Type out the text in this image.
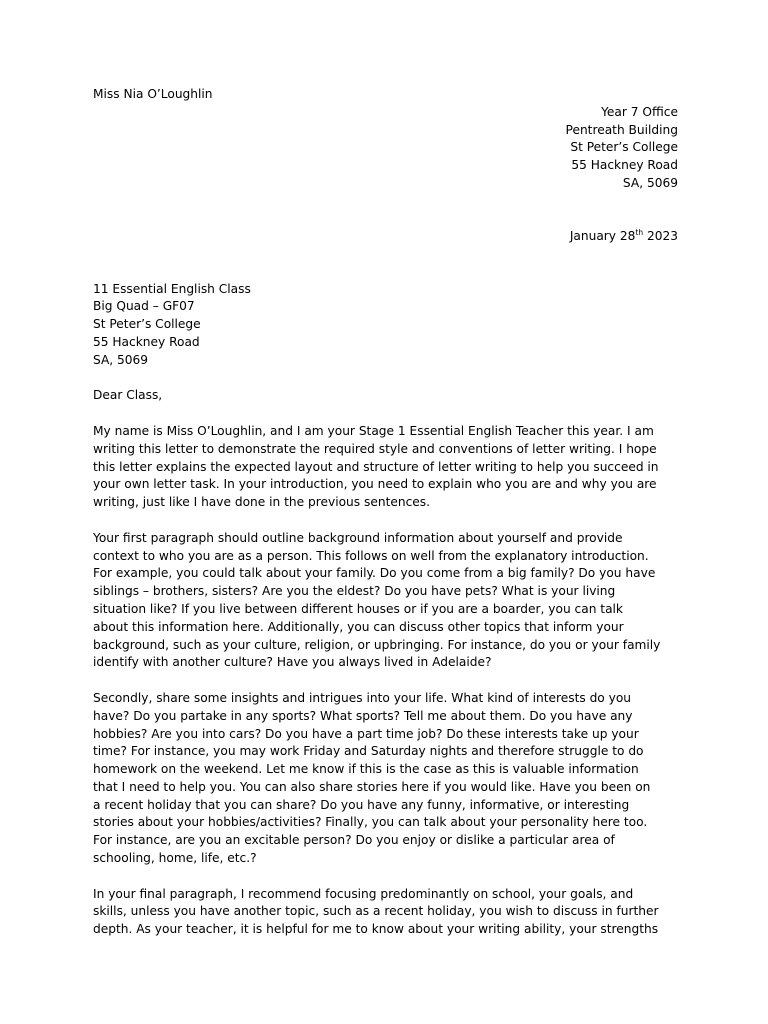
Miss Nia O’Loughlin
Year 7 Office
Pentreath Building
St Peter’s College
55 Hackney Road
SA, 5069
January 28th 2023
11 Essential English Class
Big Quad – GF07
St Peter’s College
55 Hackney Road
SA, 5069
Dear Class,
My name is Miss O’Loughlin, and I am your Stage 1 Essential English Teacher this year. I am
writing this letter to demonstrate the required style and conventions of letter writing. I hope
this letter explains the expected layout and structure of letter writing to help you succeed in
your own letter task. In your introduction, you need to explain who you are and why you are
writing, just like I have done in the previous sentences.
Your first paragraph should outline background information about yourself and provide
context to who you are as a person. This follows on well from the explanatory introduction.
For example, you could talk about your family. Do you come from a big family? Do you have
siblings – brothers, sisters? Are you the eldest? Do you have pets? What is your living
situation like? If you live between different houses or if you are a boarder, you can talk
about this information here. Additionally, you can discuss other topics that inform your
background, such as your culture, religion, or upbringing. For instance, do you or your family
identify with another culture? Have you always lived in Adelaide?
Secondly, share some insights and intrigues into your life. What kind of interests do you
have? Do you partake in any sports? What sports? Tell me about them. Do you have any
hobbies? Are you into cars? Do you have a part time job? Do these interests take up your
time? For instance, you may work Friday and Saturday nights and therefore struggle to do
homework on the weekend. Let me know if this is the case as this is valuable information
that I need to help you. You can also share stories here if you would like. Have you been on
a recent holiday that you can share? Do you have any funny, informative, or interesting
stories about your hobbies/activities? Finally, you can talk about your personality here too.
For instance, are you an excitable person? Do you enjoy or dislike a particular area of
schooling, home, life, etc.?
In your final paragraph, I recommend focusing predominantly on school, your goals, and
skills, unless you have another topic, such as a recent holiday, you wish to discuss in further
depth. As your teacher, it is helpful for me to know about your writing ability, your strengths
